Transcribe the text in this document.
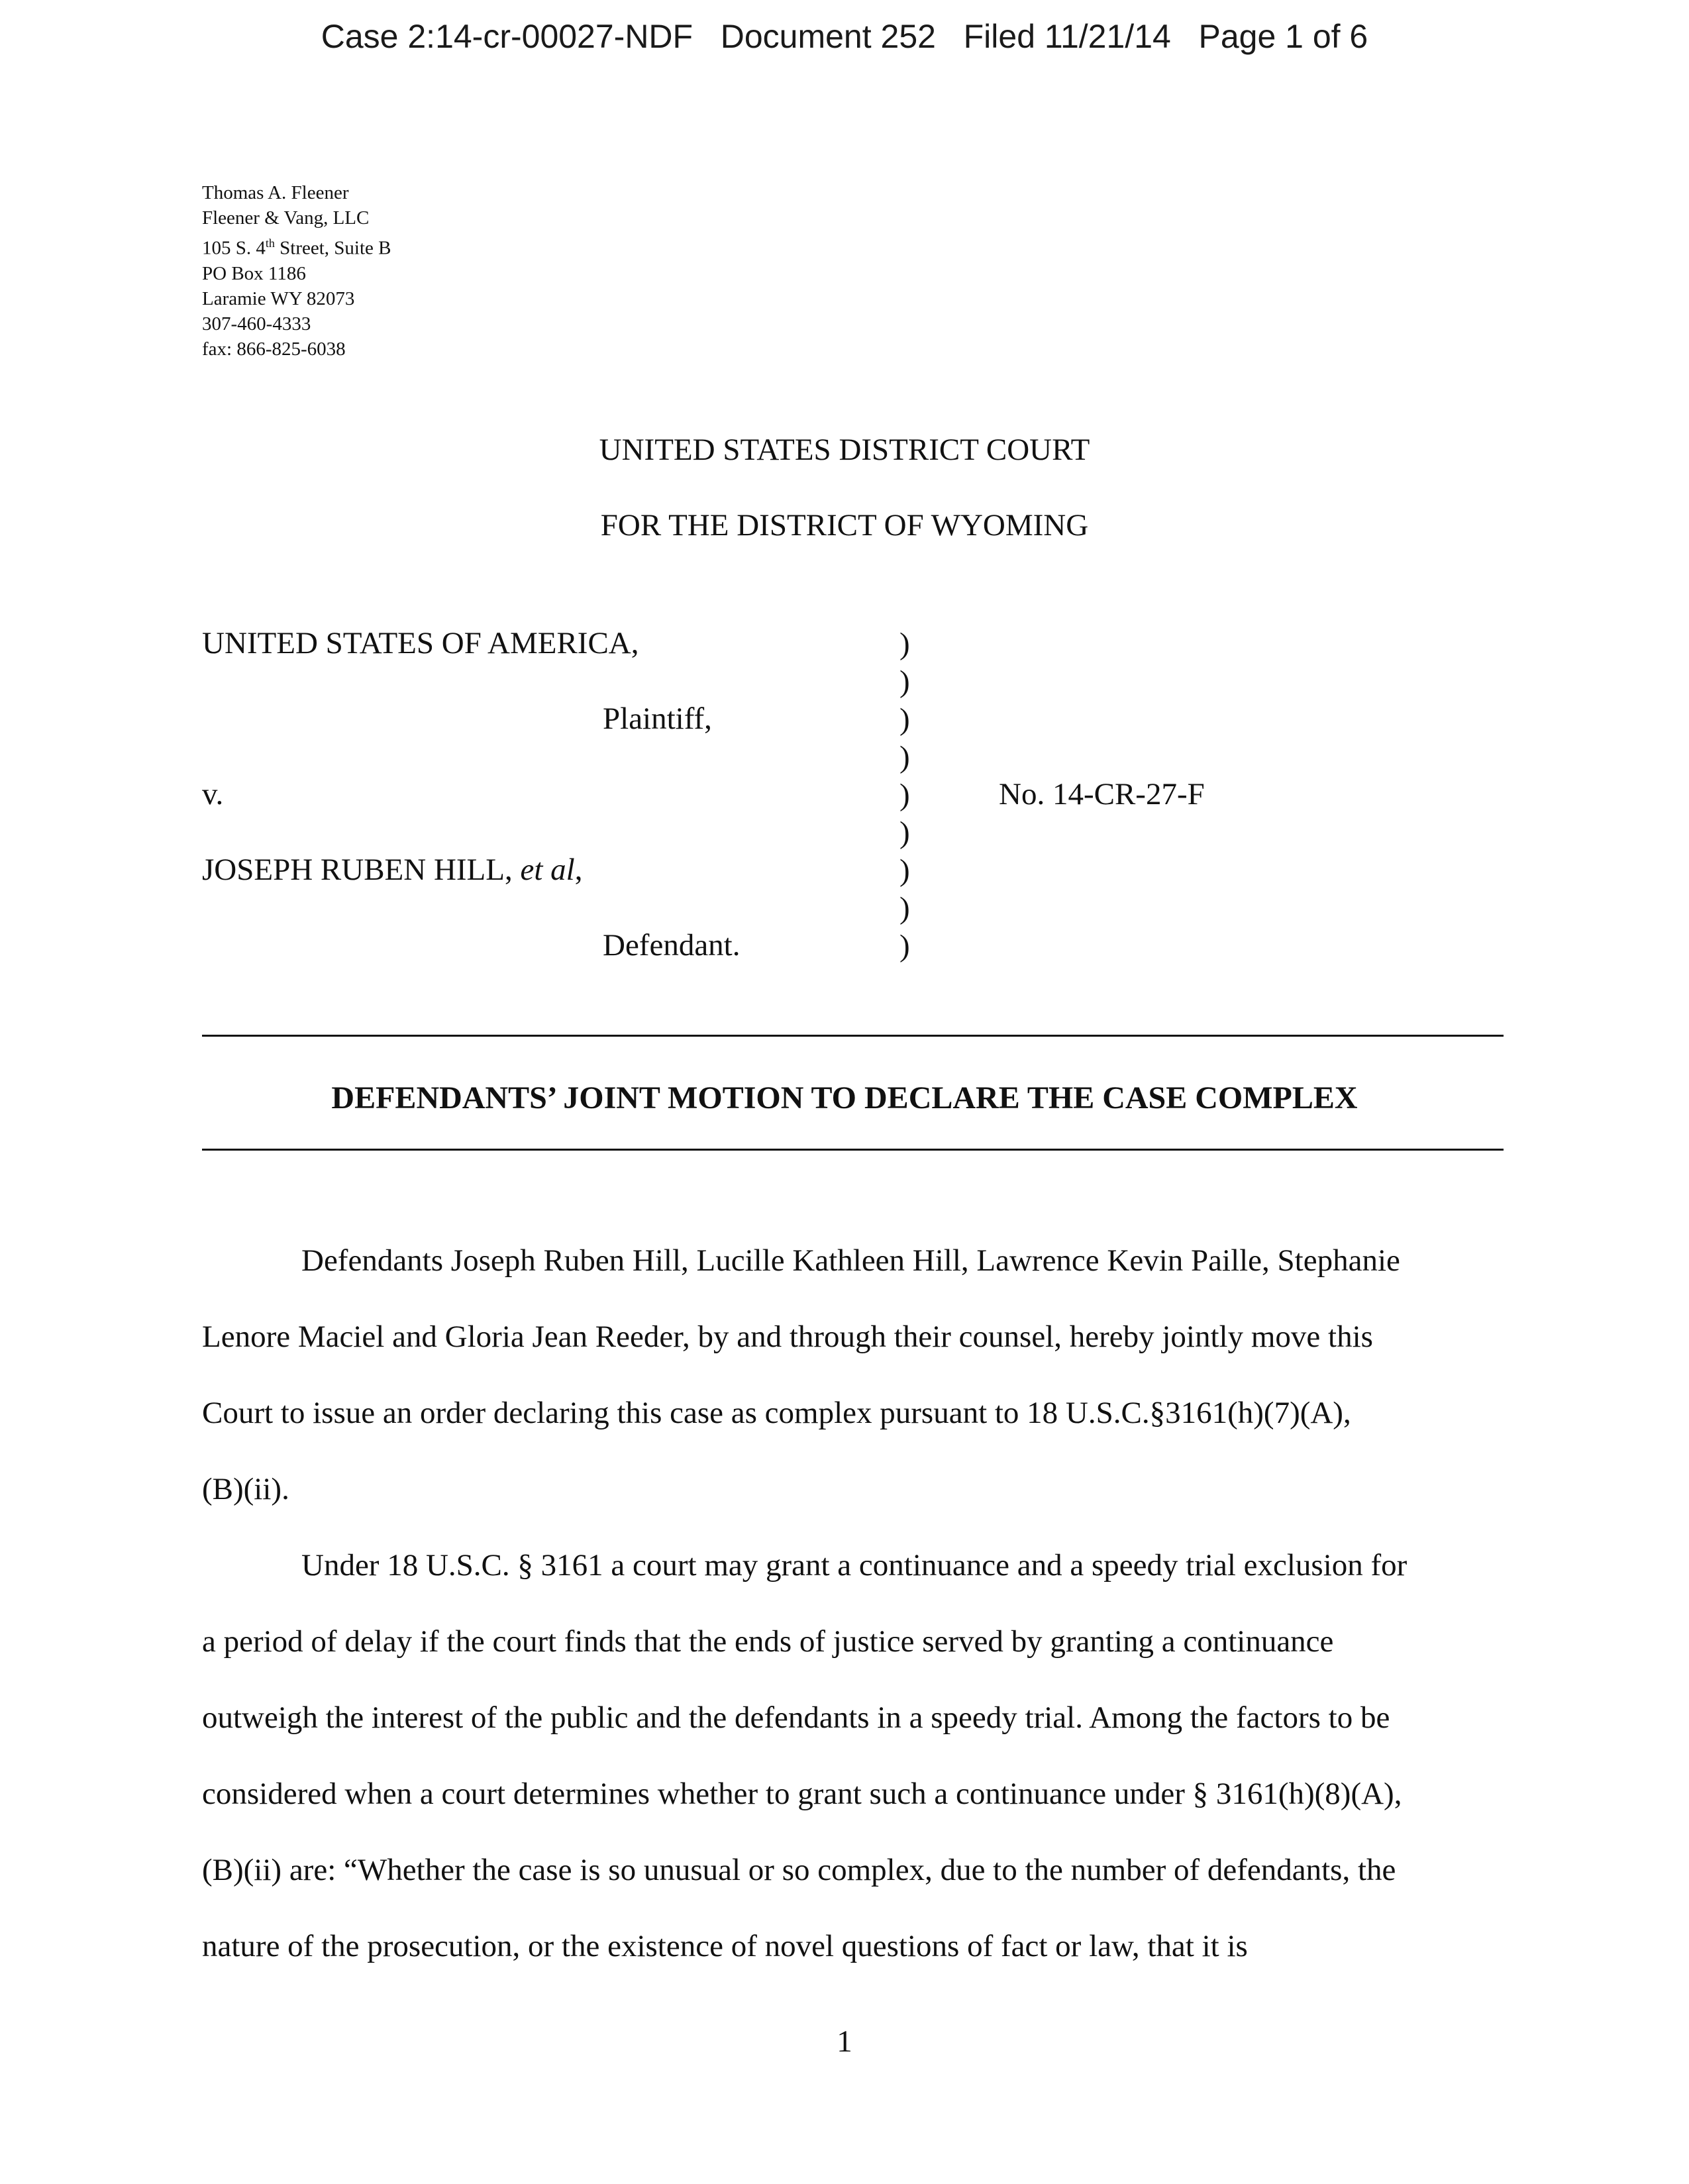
Case 2:14-cr-00027-NDF   Document 252   Filed 11/21/14   Page 1 of 6
Thomas A. Fleener
Fleener & Vang, LLC
105 S. 4th Street, Suite B
PO Box 1186
Laramie WY 82073
307-460-4333
fax: 866-825-6038
UNITED STATES DISTRICT COURT
FOR THE DISTRICT OF WYOMING
UNITED STATES OF AMERICA,
Plaintiff,
v.
JOSEPH RUBEN HILL, et al,
Defendant.
No. 14-CR-27-F
)
)
)
)
)
)
)
)
)
DEFENDANTS’ JOINT MOTION TO DECLARE THE CASE COMPLEX
Defendants Joseph Ruben Hill, Lucille Kathleen Hill, Lawrence Kevin Paille, Stephanie
Lenore Maciel and Gloria Jean Reeder, by and through their counsel, hereby jointly move this
Court to issue an order declaring this case as complex pursuant to 18 U.S.C.§3161(h)(7)(A),
(B)(ii).
Under 18 U.S.C. § 3161 a court may grant a continuance and a speedy trial exclusion for
a period of delay if the court finds that the ends of justice served by granting a continuance
outweigh the interest of the public and the defendants in a speedy trial. Among the factors to be
considered when a court determines whether to grant such a continuance under § 3161(h)(8)(A),
(B)(ii) are: “Whether the case is so unusual or so complex, due to the number of defendants, the
nature of the prosecution, or the existence of novel questions of fact or law, that it is
1
